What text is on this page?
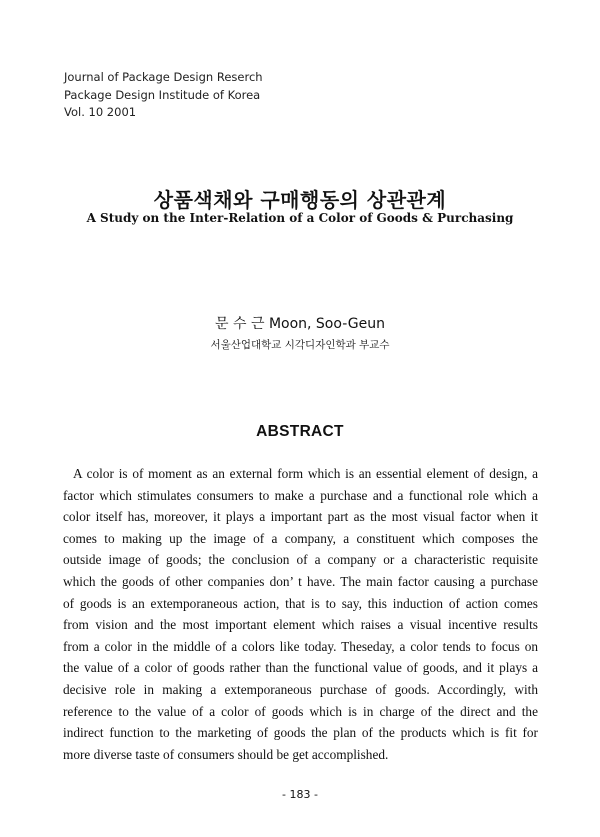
Journal of Package Design Reserch
Package Design Institude of Korea
Vol. 10 2001
상품색채와 구매행동의 상관관계
A Study on the Inter-Relation of a Color of Goods & Purchasing
문 수 근 Moon, Soo-Geun
서울산업대학교 시각디자인학과 부교수
ABSTRACT
A color is of moment as an external form which is an essential element of design, a
factor which stimulates consumers to make a purchase and a functional role which a
color itself has, moreover, it plays a important part as the most visual factor when it
comes to making up the image of a company, a constituent which composes the
outside image of goods; the conclusion of a company or a characteristic requisite
which the goods of other companies don’ t have. The main factor causing a purchase
of goods is an extemporaneous action, that is to say, this induction of action comes
from vision and the most important element which raises a visual incentive results
from a color in the middle of a colors like today. Theseday, a color tends to focus on
the value of a color of goods rather than the functional value of goods, and it plays a
decisive role in making a extemporaneous purchase of goods. Accordingly, with
reference to the value of a color of goods which is in charge of the direct and the
indirect function to the marketing of goods the plan of the products which is fit for
more diverse taste of consumers should be get accomplished.
- 183 -
